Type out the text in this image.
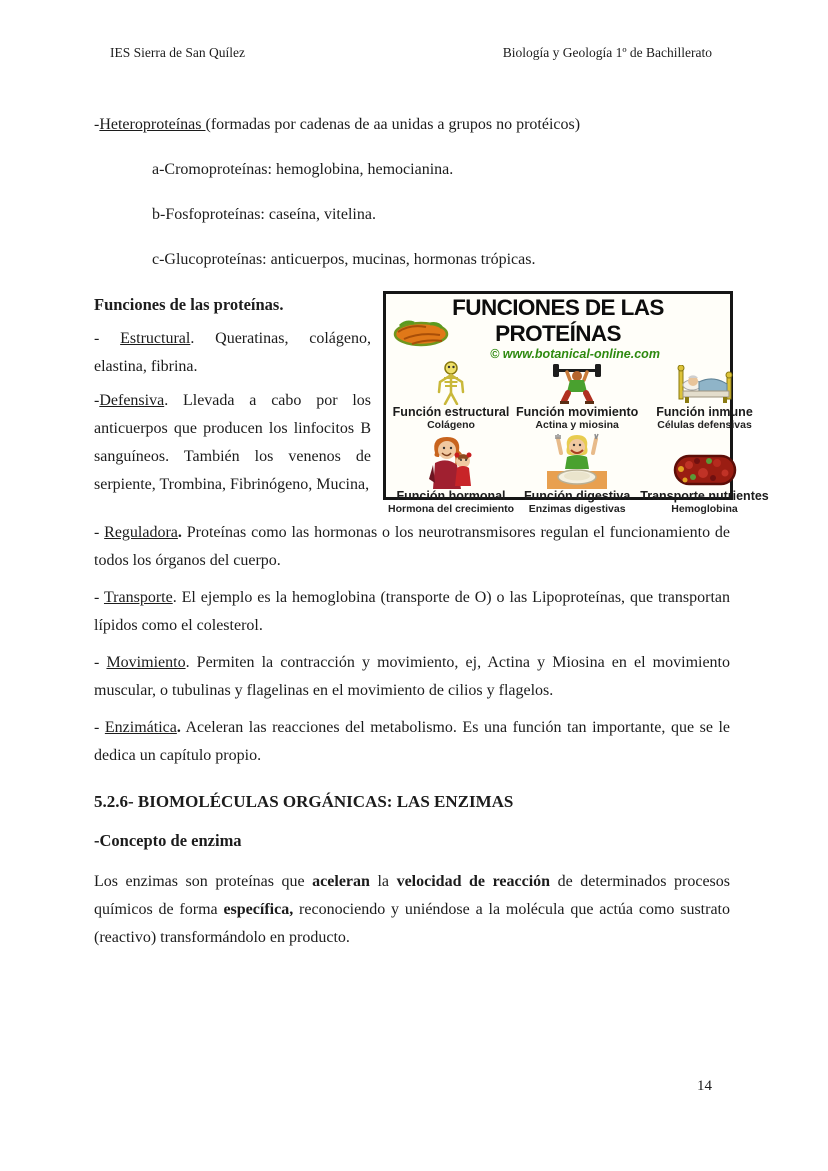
IES Sierra de San Quílez	Biología y Geología 1º de Bachillerato

-Heteroproteínas (formadas por cadenas de aa unidas a grupos no protéicos)

a-Cromoproteínas: hemoglobina, hemocianina.

b-Fosfoproteínas: caseína, vitelina.

c-Glucoproteínas: anticuerpos, mucinas, hormonas trópicas.

Funciones de las proteínas.

- Estructural. Queratinas, colágeno, elastina, fibrina.

-Defensiva. Llevada a cabo por los anticuerpos que producen los linfocitos B sanguíneos. También los venenos de serpiente, Trombina, Fibrinógeno, Mucina,

FUNCIONES DE LAS PROTEÍNAS
© www.botanical-online.com
Función estructural
Colágeno
Función movimiento
Actina y miosina
Función inmune
Células defensivas
Función hormonal
Hormona del crecimiento
Función digestiva
Enzimas digestivas
Transporte nutrientes
Hemoglobina

- Reguladora. Proteínas como las hormonas o los neurotransmisores regulan el funcionamiento de todos los órganos del cuerpo.

- Transporte. El ejemplo es la hemoglobina (transporte de O) o las Lipoproteínas, que transportan lípidos como el colesterol.

- Movimiento. Permiten la contracción y movimiento, ej, Actina y Miosina en el movimiento muscular, o tubulinas y flagelinas en el movimiento de cilios y flagelos.

- Enzimática. Aceleran las reacciones del metabolismo. Es una función tan importante, que se le dedica un capítulo propio.

5.2.6- BIOMOLÉCULAS ORGÁNICAS: LAS ENZIMAS
-Concepto de enzima

Los enzimas son proteínas que aceleran la velocidad de reacción de determinados procesos químicos de forma específica, reconociendo y uniéndose a la molécula que actúa como sustrato (reactivo) transformándolo en producto.

14
